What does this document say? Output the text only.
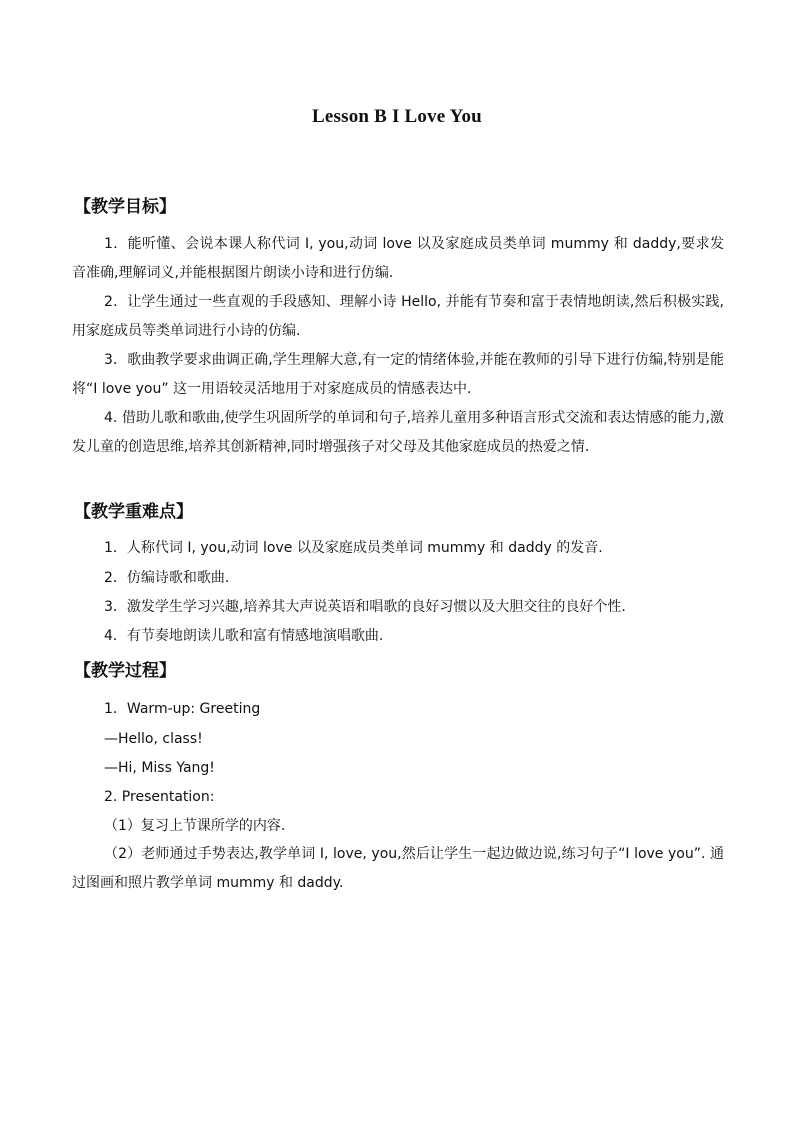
Lesson B I Love You
【教学目标】
1．能听懂、会说本课人称代词 I, you,动词 love 以及家庭成员类单词 mummy 和 daddy,要求发音准确,理解词义,并能根据图片朗读小诗和进行仿编.
2．让学生通过一些直观的手段感知、理解小诗 Hello, 并能有节奏和富于表情地朗读,然后积极实践,用家庭成员等类单词进行小诗的仿编.
3．歌曲教学要求曲调正确,学生理解大意,有一定的情绪体验,并能在教师的引导下进行仿编,特别是能将“I love you” 这一用语较灵活地用于对家庭成员的情感表达中.
4. 借助儿歌和歌曲,使学生巩固所学的单词和句子,培养儿童用多种语言形式交流和表达情感的能力,激发儿童的创造思维,培养其创新精神,同时增强孩子对父母及其他家庭成员的热爱之情.
【教学重难点】
1．人称代词 I, you,动词 love 以及家庭成员类单词 mummy 和 daddy 的发音.
2．仿编诗歌和歌曲.
3．激发学生学习兴趣,培养其大声说英语和唱歌的良好习惯以及大胆交往的良好个性.
4．有节奏地朗读儿歌和富有情感地演唱歌曲.
【教学过程】
1．Warm-up: Greeting
—Hello, class!
—Hi, Miss Yang!
2. Presentation:
（1）复习上节课所学的内容.
（2）老师通过手势表达,教学单词 I, love, you,然后让学生一起边做边说,练习句子“I love you”. 通过图画和照片教学单词 mummy 和 daddy.
